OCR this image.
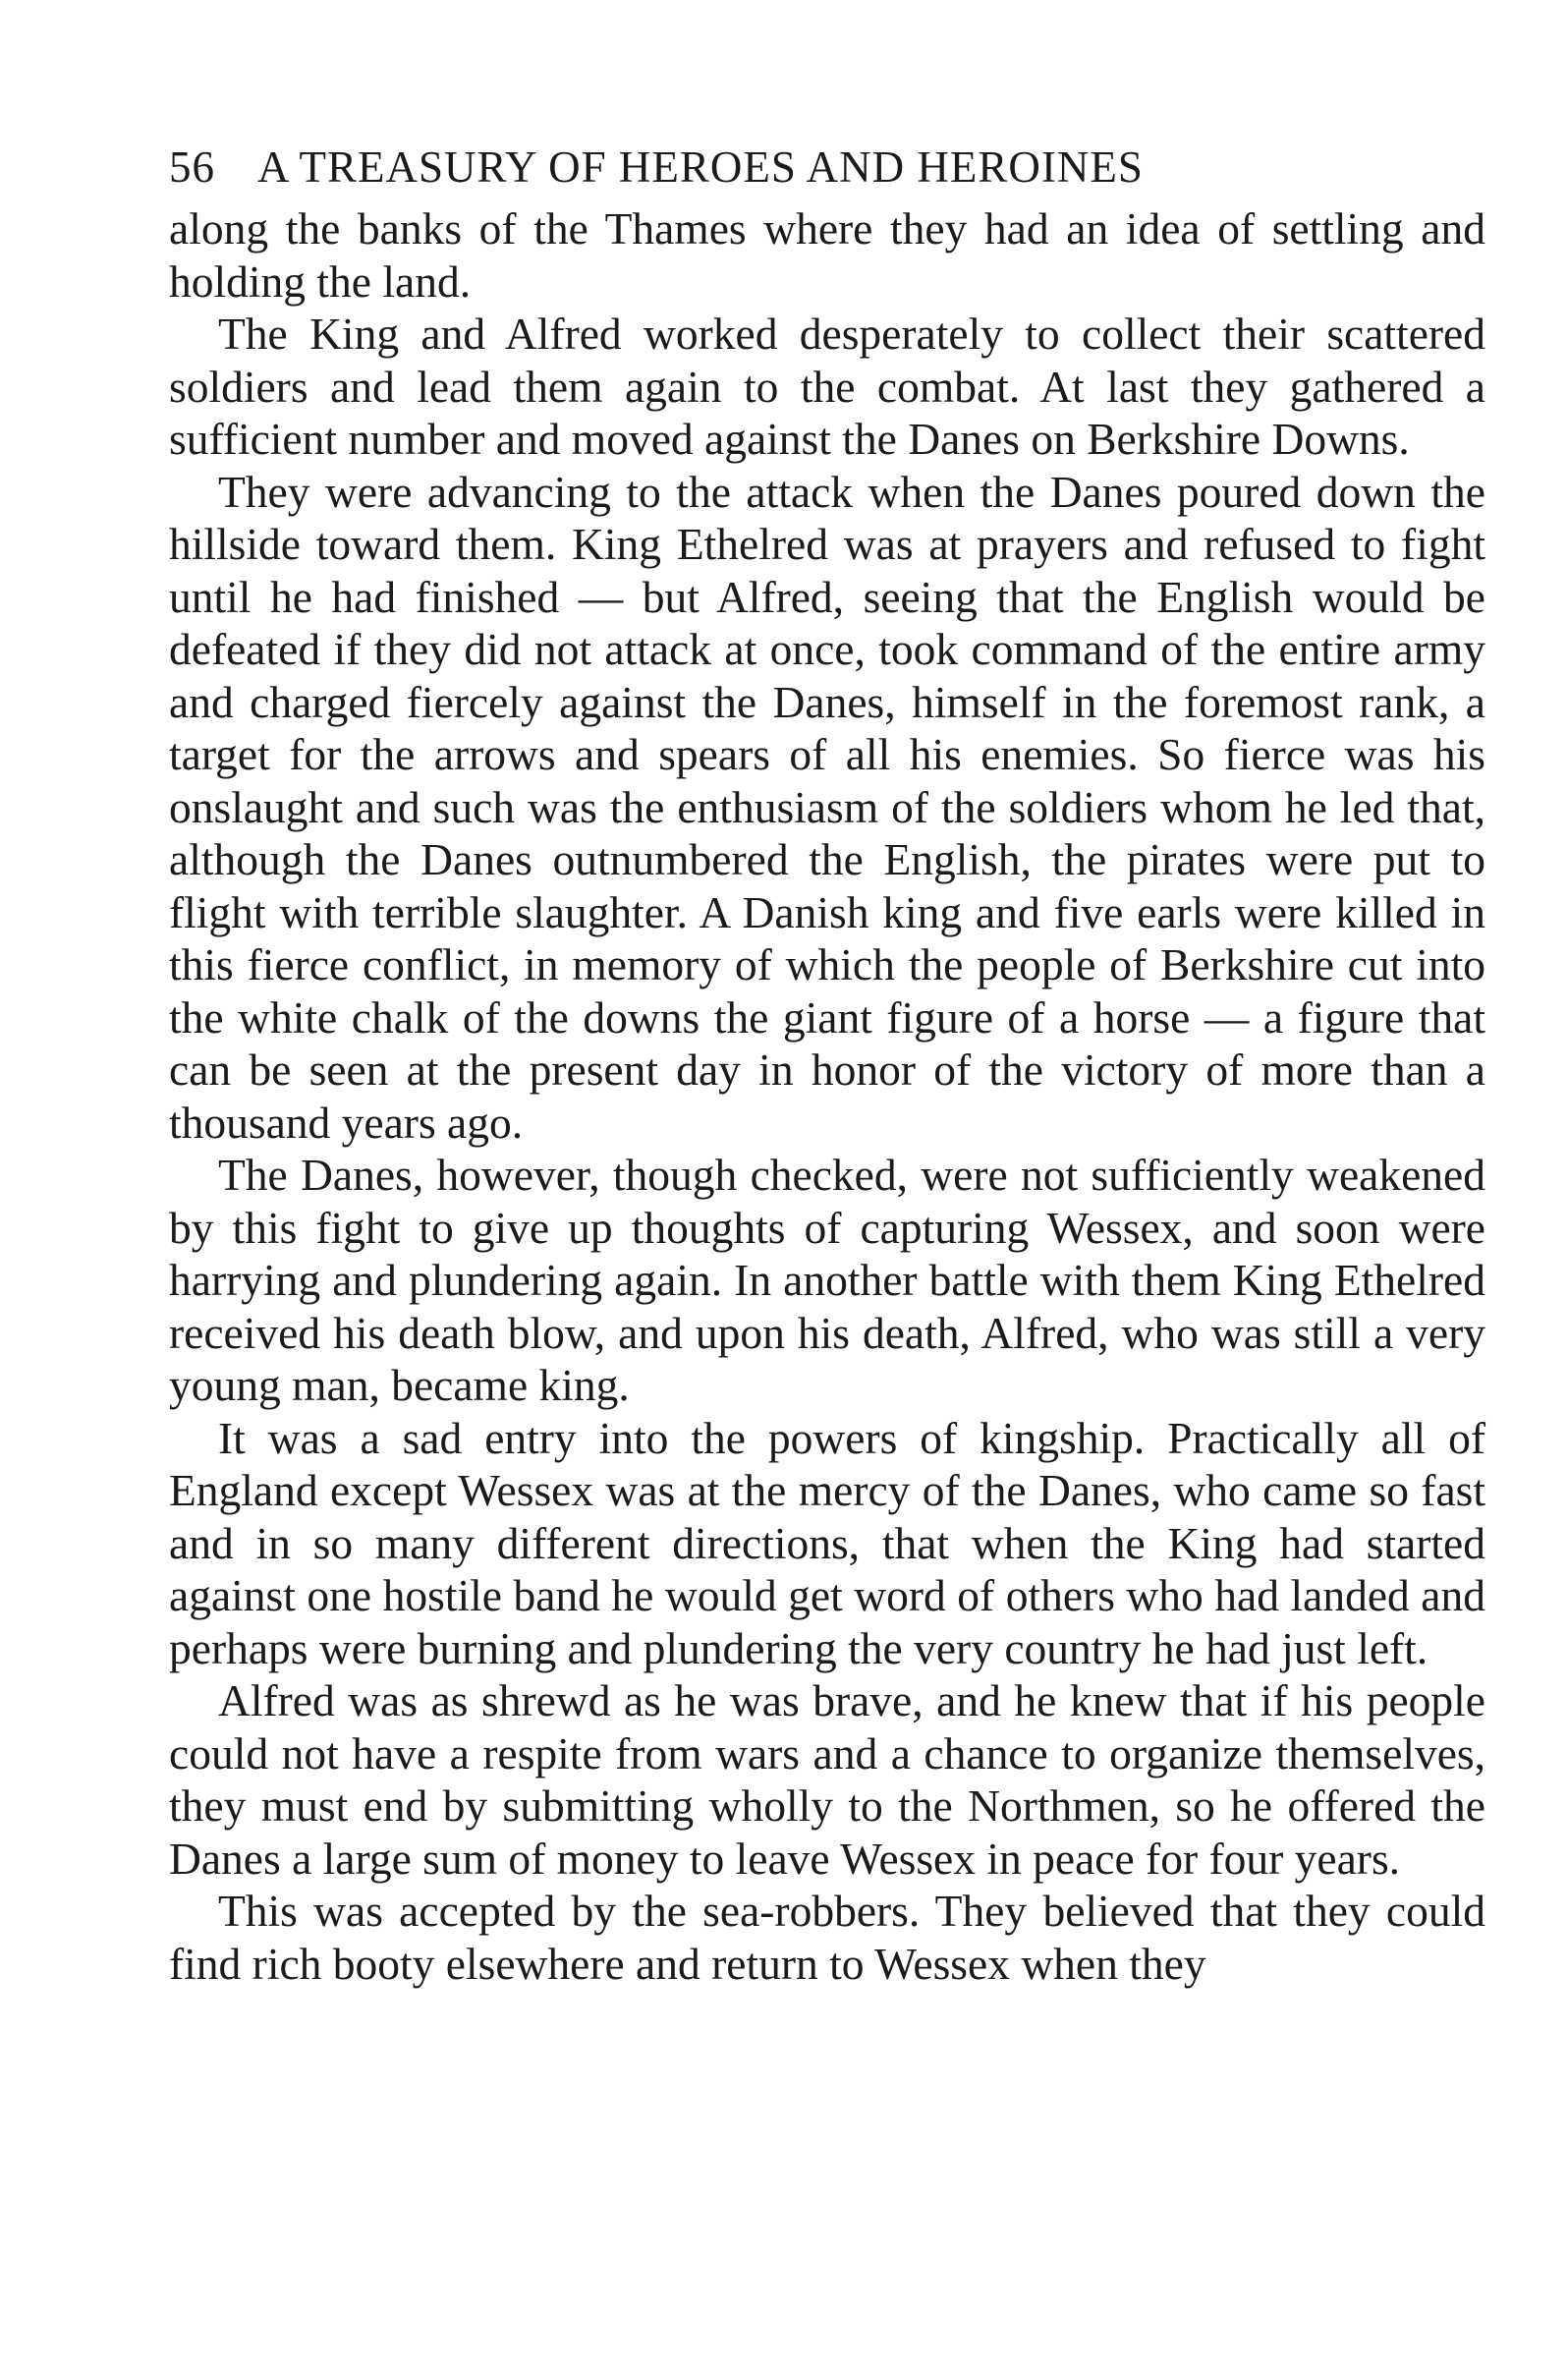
56 A TREASURY OF HEROES AND HEROINES

along the banks of the Thames where they had an idea of settling and holding the land.

The King and Alfred worked desperately to collect their scattered soldiers and lead them again to the combat. At last they gathered a sufficient number and moved against the Danes on Berkshire Downs.

They were advancing to the attack when the Danes poured down the hillside toward them. King Ethelred was at prayers and refused to fight until he had finished — but Alfred, seeing that the English would be defeated if they did not attack at once, took command of the entire army and charged fiercely against the Danes, himself in the foremost rank, a target for the arrows and spears of all his enemies. So fierce was his onslaught and such was the enthusiasm of the soldiers whom he led that, although the Danes outnumbered the English, the pirates were put to flight with terrible slaughter. A Danish king and five earls were killed in this fierce conflict, in memory of which the people of Berkshire cut into the white chalk of the downs the giant figure of a horse — a figure that can be seen at the present day in honor of the victory of more than a thousand years ago.

The Danes, however, though checked, were not sufficiently weakened by this fight to give up thoughts of capturing Wessex, and soon were harrying and plundering again. In another battle with them King Ethelred received his death blow, and upon his death, Alfred, who was still a very young man, became king.

It was a sad entry into the powers of kingship. Practically all of England except Wessex was at the mercy of the Danes, who came so fast and in so many different directions, that when the King had started against one hostile band he would get word of others who had landed and perhaps were burning and plundering the very country he had just left.

Alfred was as shrewd as he was brave, and he knew that if his people could not have a respite from wars and a chance to organize themselves, they must end by submitting wholly to the Northmen, so he offered the Danes a large sum of money to leave Wessex in peace for four years.

This was accepted by the sea-robbers. They believed that they could find rich booty elsewhere and return to Wessex when they
